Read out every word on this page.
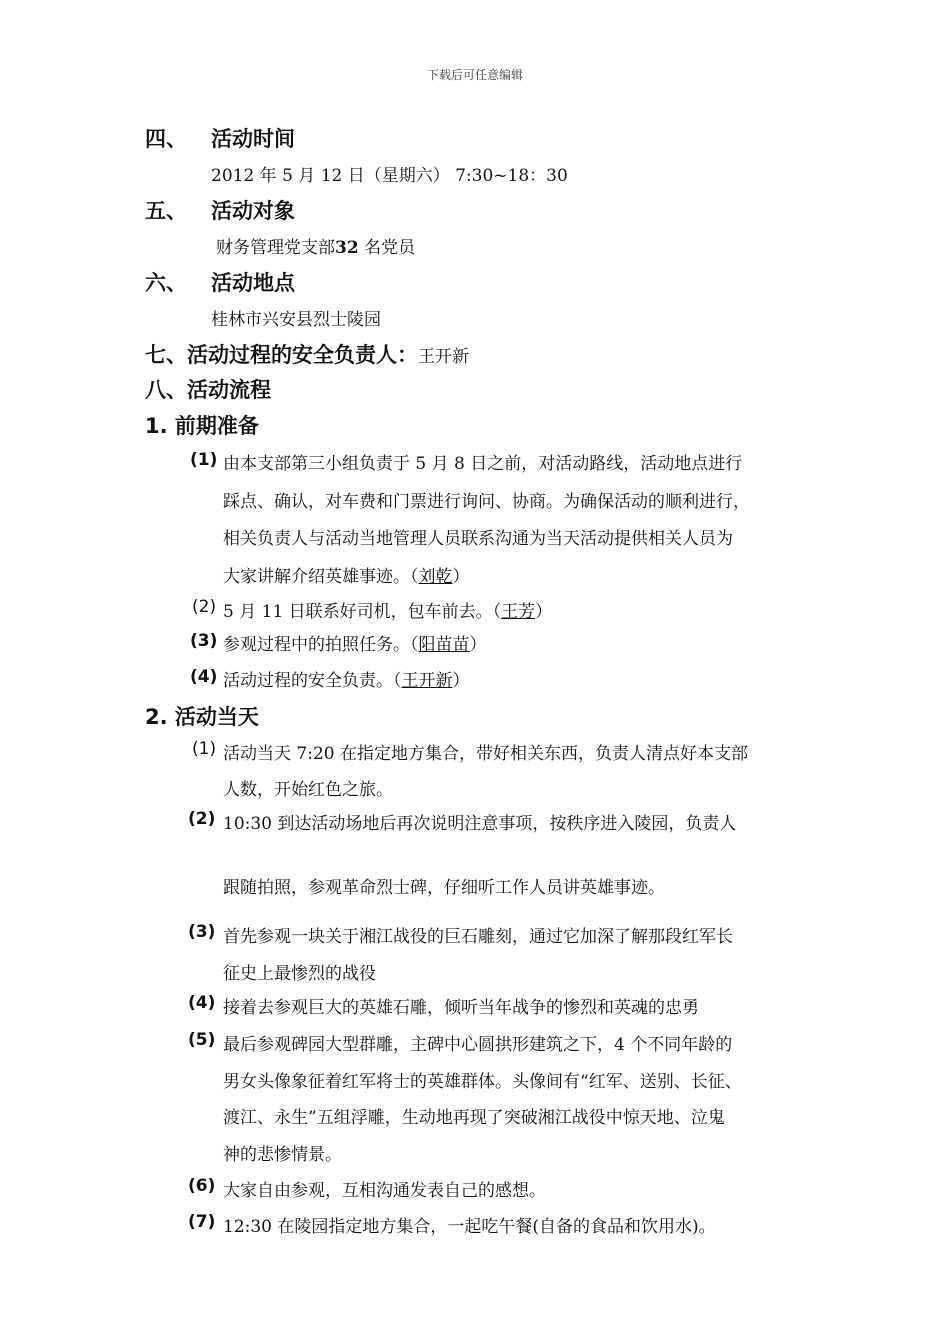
下载后可任意编辑
四、 活动时间
2012 年 5 月 12 日（星期六） 7:30~18：30
五、 活动对象
财务管理党支部32 名党员
六、 活动地点
桂林市兴安县烈士陵园
七、活动过程的安全负责人：王开新
八、活动流程
1. 前期准备
(1) 由本支部第三小组负责于 5 月 8 日之前，对活动路线，活动地点进行
踩点、确认，对车费和门票进行询问、协商。为确保活动的顺利进行，
相关负责人与活动当地管理人员联系沟通为当天活动提供相关人员为
大家讲解介绍英雄事迹。（刘乾）
(2) 5 月 11 日联系好司机，包车前去。（王芳）
(3) 参观过程中的拍照任务。（阳苗苗）
(4) 活动过程的安全负责。（王开新）
2. 活动当天
(1) 活动当天 7:20 在指定地方集合，带好相关东西，负责人清点好本支部
人数，开始红色之旅。
(2) 10:30 到达活动场地后再次说明注意事项，按秩序进入陵园，负责人
跟随拍照，参观革命烈士碑，仔细听工作人员讲英雄事迹。
(3) 首先参观一块关于湘江战役的巨石雕刻，通过它加深了解那段红军长
征史上最惨烈的战役
(4) 接着去参观巨大的英雄石雕，倾听当年战争的惨烈和英魂的忠勇
(5) 最后参观碑园大型群雕，主碑中心圆拱形建筑之下，4 个不同年龄的
男女头像象征着红军将士的英雄群体。头像间有“红军、送别、长征、
渡江、永生”五组浮雕，生动地再现了突破湘江战役中惊天地、泣鬼
神的悲惨情景。
(6) 大家自由参观，互相沟通发表自己的感想。
(7) 12:30 在陵园指定地方集合，一起吃午餐(自备的食品和饮用水)。
